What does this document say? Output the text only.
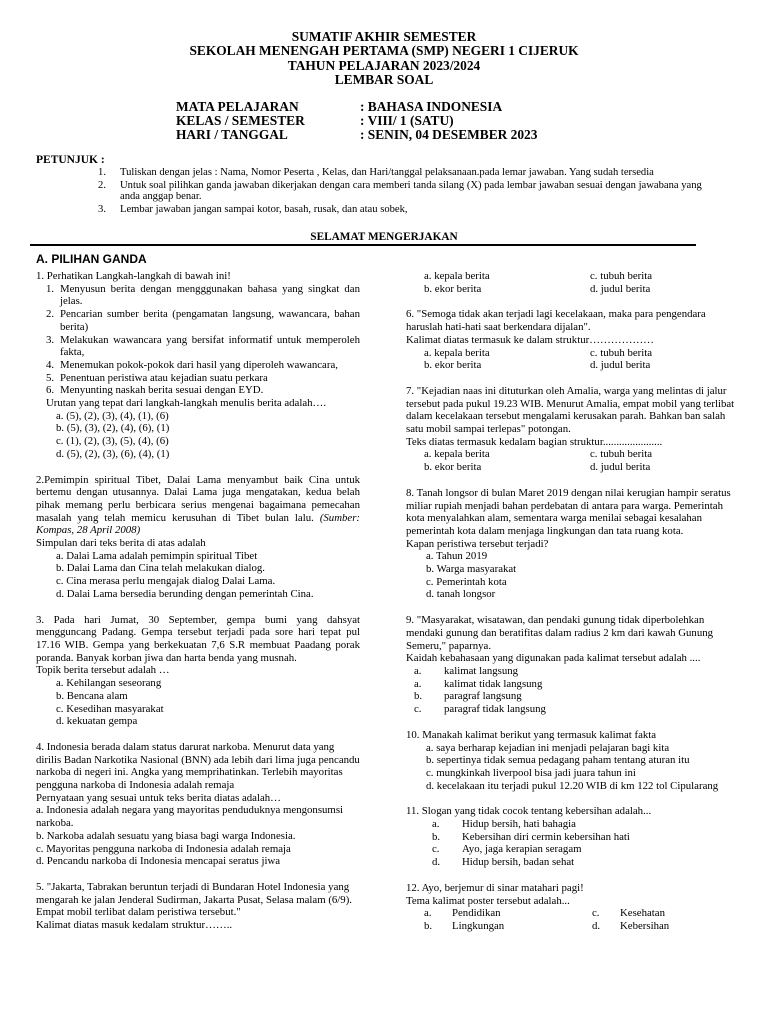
SUMATIF AKHIR SEMESTER
SEKOLAH MENENGAH PERTAMA (SMP) NEGERI 1 CIJERUK
TAHUN PELAJARAN 2023/2024
LEMBAR SOAL
MATA PELAJARAN	: BAHASA INDONESIA
KELAS / SEMESTER	: VIII/ 1 (SATU)
HARI / TANGGAL	: SENIN, 04 DESEMBER 2023
PETUNJUK :
1.	Tuliskan dengan jelas : Nama, Nomor Peserta , Kelas, dan Hari/tanggal pelaksanaan.pada lemar jawaban. Yang sudah tersedia
2.	Untuk soal pilihkan ganda jawaban dikerjakan dengan cara memberi tanda silang (X) pada lembar jawaban sesuai dengan jawabana yang anda anggap benar.
3.	Lembar jawaban jangan sampai kotor, basah, rusak, dan atau sobek,
SELAMAT MENGERJAKAN
A. PILIHAN GANDA
1. Perhatikan Langkah-langkah di bawah ini!
1. Menyusun berita dengan mengggunakan bahasa yang singkat dan jelas.
2. Pencarian sumber berita (pengamatan langsung, wawancara, bahan berita)
3. Melakukan wawancara yang bersifat informatif untuk memperoleh fakta,
4. Menemukan pokok-pokok dari hasil yang diperoleh wawancara,
5. Penentuan peristiwa atau kejadian suatu perkara
6. Menyunting naskah berita sesuai dengan EYD.
Urutan yang tepat dari langkah-langkah menulis berita adalah….
a. (5), (2), (3), (4), (1), (6)
b. (5), (3), (2), (4), (6), (1)
c. (1), (2), (3), (5), (4), (6)
d. (5), (2), (3), (6), (4), (1)
2.Pemimpin spiritual Tibet, Dalai Lama menyambut baik Cina untuk bertemu dengan utusannya. Dalai Lama juga mengatakan, kedua belah pihak memang perlu berbicara serius mengenai bagaimana pemecahan masalah yang telah memicu kerusuhan di Tibet bulan lalu. (Sumber: Kompas, 28 April 2008)
Simpulan dari teks berita di atas adalah
a. Dalai Lama adalah pemimpin spiritual Tibet
b. Dalai Lama dan Cina telah melakukan dialog.
c. Cina merasa perlu mengajak dialog Dalai Lama.
d. Dalai Lama bersedia berunding dengan pemerintah Cina.
3. Pada hari Jumat, 30 September, gempa bumi yang dahsyat mengguncang Padang. Gempa tersebut terjadi pada sore hari tepat pul 17.16 WIB. Gempa yang berkekuatan 7,6 S.R membuat Paadang porak poranda. Banyak korban jiwa dan harta benda yang musnah.
Topik berita tersebut adalah …
a. Kehilangan seseorang
b. Bencana alam
c. Kesedihan masyarakat
d. kekuatan gempa
4. Indonesia berada dalam status darurat narkoba. Menurut data yang dirilis Badan Narkotika Nasional (BNN) ada lebih dari lima juga pencandu narkoba di negeri ini. Angka yang memprihatinkan. Terlebih mayoritas pengguna narkoba di Indonesia adalah remaja
Pernyataan yang sesuai untuk teks berita diatas adalah…
a. Indonesia adalah negara yang mayoritas penduduknya mengonsumsi narkoba.
b. Narkoba adalah sesuatu yang biasa bagi warga Indonesia.
c. Mayoritas pengguna narkoba di Indonesia adalah remaja
d. Pencandu narkoba di Indonesia mencapai seratus jiwa
5. "Jakarta, Tabrakan beruntun terjadi di Bundaran Hotel Indonesia yang mengarah ke jalan Jenderal Sudirman, Jakarta Pusat, Selasa malam (6/9). Empat mobil terlibat dalam peristiwa tersebut."
Kalimat diatas masuk kedalam struktur……..
a. kepala berita	c. tubuh berita
b. ekor berita	d. judul berita
6. "Semoga tidak akan terjadi lagi kecelakaan, maka para pengendara haruslah hati-hati saat berkendara dijalan".
Kalimat diatas termasuk ke dalam struktur………………
a. kepala berita	c. tubuh berita
b. ekor berita	d. judul berita
7. "Kejadian naas ini dituturkan oleh Amalia, warga yang melintas di jalur tersebut pada pukul 19.23 WIB. Menurut Amalia, empat mobil yang terlibat dalam kecelakaan tersebut mengalami kerusakan parah. Bahkan ban salah satu mobil sampai terlepas" potongan.
Teks diatas termasuk kedalam bagian struktur......................
a. kepala berita	c. tubuh berita
b. ekor berita	d. judul berita
8. Tanah longsor di bulan Maret 2019 dengan nilai kerugian hampir seratus miliar rupiah menjadi bahan perdebatan di antara para warga. Pemerintah kota menyalahkan alam, sementara warga menilai sebagai kesalahan pemerintah kota dalam menjaga lingkungan dan tata ruang kota.
Kapan peristiwa tersebut terjadi?
a. Tahun 2019
b. Warga masyarakat
c. Pemerintah kota
d. tanah longsor
9. "Masyarakat, wisatawan, dan pendaki gunung tidak diperbolehkan mendaki gunung dan beratifitas dalam radius 2 km dari kawah Gunung Semeru," paparnya.
Kaidah kebahasaan yang digunakan pada kalimat tersebut adalah ....
a.	kalimat langsung
a.	kalimat tidak langsung
b.	paragraf langsung
c.	paragraf tidak langsung
10. Manakah kalimat berikut yang termasuk kalimat fakta
a. saya berharap kejadian ini menjadi pelajaran bagi kita
b. sepertinya tidak semua pedagang paham tentang aturan itu
c. mungkinkah liverpool bisa jadi juara tahun ini
d. kecelakaan itu terjadi pukul 12.20 WIB di km 122 tol Cipularang
11. Slogan yang tidak cocok tentang kebersihan adalah...
a.	Hidup bersih, hati bahagia
b.	Kebersihan diri cermin kebersihan hati
c.	Ayo, jaga kerapian seragam
d.	Hidup bersih, badan sehat
12. Ayo, berjemur di sinar matahari pagi!
Tema kalimat poster tersebut adalah...
a.	Pendidikan	c.	Kesehatan
b.	Lingkungan	d.	Kebersihan
